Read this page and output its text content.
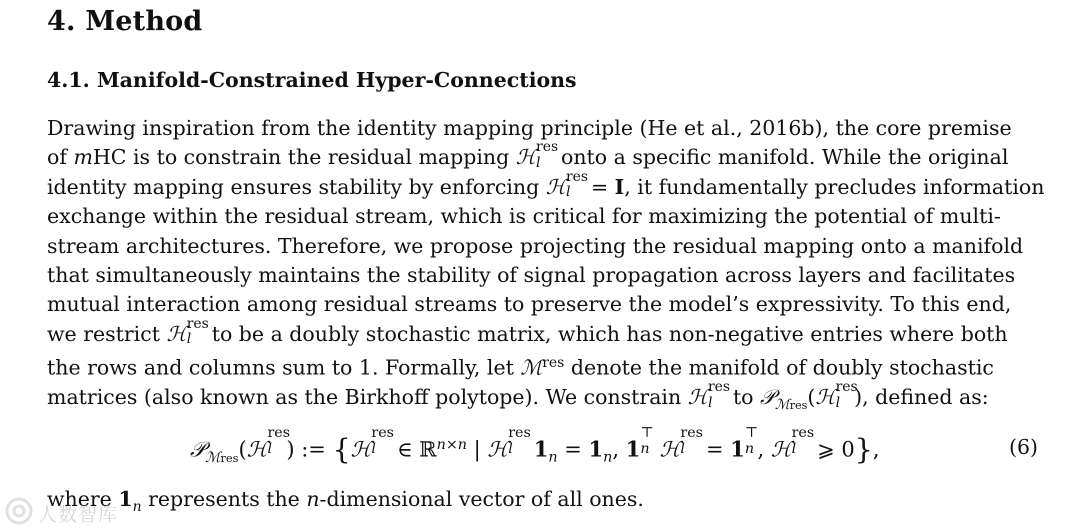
4. Method
4.1. Manifold-Constrained Hyper-Connections
Drawing inspiration from the identity mapping principle (He et al., 2016b), the core premise
of mHC is to constrain the residual mapping ℋ res
l onto a specific manifold. While the original
identity mapping ensures stability by enforcing ℋ res
l = I, it fundamentally precludes information
exchange within the residual stream, which is critical for maximizing the potential of multi-
stream architectures. Therefore, we propose projecting the residual mapping onto a manifold
that simultaneously maintains the stability of signal propagation across layers and facilitates
mutual interaction among residual streams to preserve the model’s expressivity. To this end,
we restrict ℋ res
l to be a doubly stochastic matrix, which has non-negative entries where both
the rows and columns sum to 1. Formally, let ℳ$^{res}$ denote the manifold of doubly stochastic
matrices (also known as the Birkhoff polytope). We constrain ℋ res
l to 𝒫$_{ℳres}$(ℋ res
l ), defined as:
𝒫$_{ℳres}$(ℋ
res
l ) := {ℋ
res
l ∈ ℝ$^{n\times n}$ | ℋ
res
l $1_n = 1_n$, 1
⊤
n ℋ
res
l = 1
⊤
n , ℋ
res
l ⩾ 0},	(6)
where $1_n$ represents the n-dimensional vector of all ones.
人数智库
